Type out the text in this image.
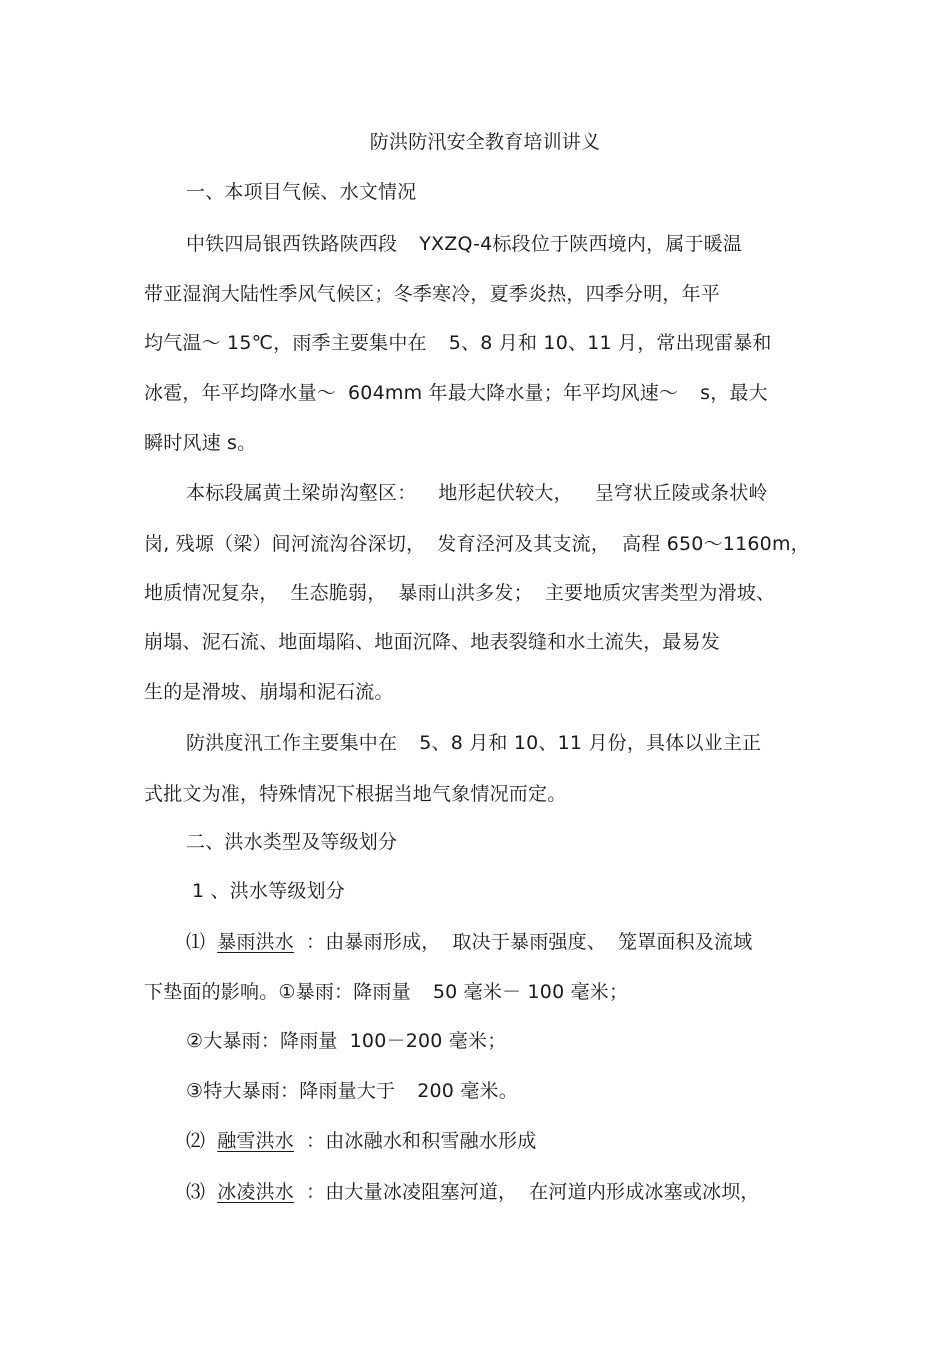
防洪防汛安全教育培训讲义
一、本项目气候、水文情况
中铁四局银西铁路陕西段 YXZQ-4标段位于陕西境内，属于暖温
带亚湿润大陆性季风气候区；冬季寒冷，夏季炎热，四季分明，年平
均气温～ 15℃，雨季主要集中在 5、8 月和 10、11 月，常出现雷暴和
冰雹，年平均降水量～ 604mm 年最大降水量；年平均风速～ s，最大
瞬时风速 s。
本标段属黄土梁峁沟壑区： 地形起伏较大， 呈穹状丘陵或条状岭
岗, 残塬（梁）间河流沟谷深切， 发育泾河及其支流， 高程 650～1160m，
地质情况复杂， 生态脆弱， 暴雨山洪多发； 主要地质灾害类型为滑坡、
崩塌、泥石流、地面塌陷、地面沉降、地表裂缝和水土流失，最易发
生的是滑坡、崩塌和泥石流。
防洪度汛工作主要集中在 5、8 月和 10、11 月份，具体以业主正
式批文为准，特殊情况下根据当地气象情况而定。
二、洪水类型及等级划分
1 、洪水等级划分
⑴ 暴雨洪水 ：由暴雨形成， 取决于暴雨强度、 笼罩面积及流域
下垫面的影响。①暴雨：降雨量 50 毫米－ 100 毫米；
②大暴雨：降雨量 100－200 毫米；
③特大暴雨：降雨量大于 200 毫米。
⑵ 融雪洪水 ：由冰融水和积雪融水形成
⑶ 冰凌洪水 ：由大量冰凌阻塞河道， 在河道内形成冰塞或冰坝，
